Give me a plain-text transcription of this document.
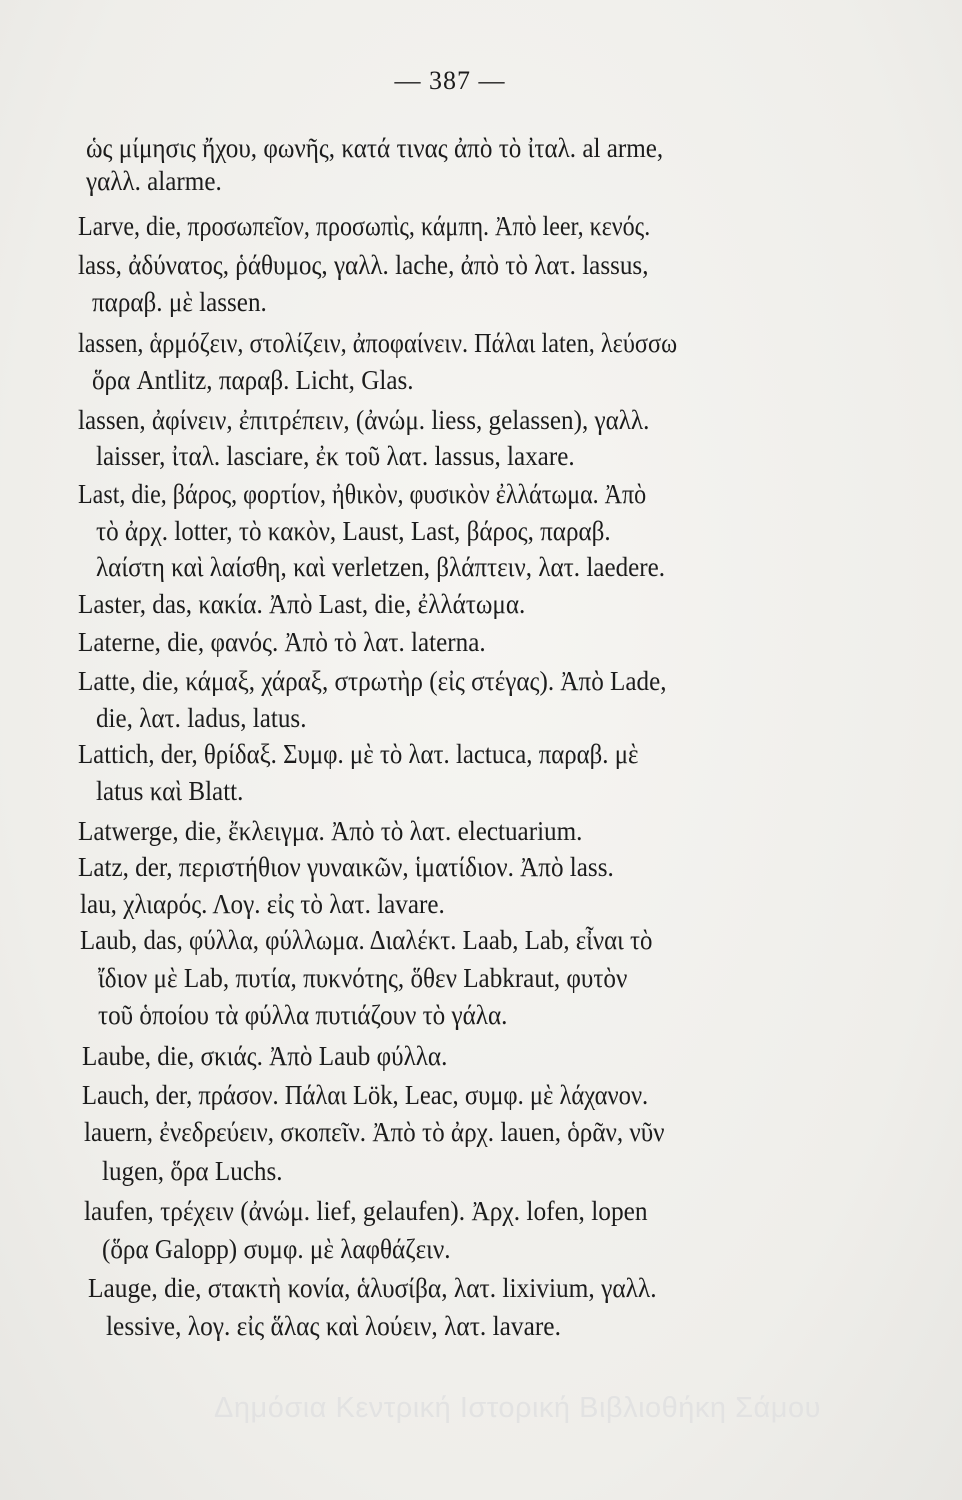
— 387 —
ὡς μίμησις ἤχου, φωνῆς, κατά τινας ἀπὸ τὸ ἰταλ. al arme,
γαλλ. alarme.
Larve, die, προσωπεῖον, προσωπὶς, κάμπη. Ἀπὸ leer, κενός.
lass, ἀδύνατος, ῥάθυμος, γαλλ. lache, ἀπὸ τὸ λατ. lassus,
παραβ. μὲ lassen.
lassen, ἁρμόζειν, στολίζειν, ἀποφαίνειν. Πάλαι laten, λεύσσω
ὅρα Antlitz, παραβ. Licht, Glas.
lassen, ἀφίνειν, ἐπιτρέπειν, (ἀνώμ. liess, gelassen), γαλλ.
laisser, ἰταλ. lasciare, ἐκ τοῦ λατ. lassus, laxare.
Last, die, βάρος, φορτίον, ἠθικὸν, φυσικὸν ἐλλάτωμα. Ἀπὸ
τὸ ἀρχ. lotter, τὸ κακὸν, Laust, Last, βάρος, παραβ.
λαίστη καὶ λαίσθη, καὶ verletzen, βλάπτειν, λατ. laedere.
Laster, das, κακία. Ἀπὸ Last, die, ἐλλάτωμα.
Laterne, die, φανός. Ἀπὸ τὸ λατ. laterna.
Latte, die, κάμαξ, χάραξ, στρωτὴρ (εἰς στέγας). Ἀπὸ Lade,
die, λατ. ladus, latus.
Lattich, der, θρίδαξ. Συμφ. μὲ τὸ λατ. lactuca, παραβ. μὲ
latus καὶ Blatt.
Latwerge, die, ἔκλειγμα. Ἀπὸ τὸ λατ. electuarium.
Latz, der, περιστήθιον γυναικῶν, ἱματίδιον. Ἀπὸ lass.
lau, χλιαρός. Λογ. εἰς τὸ λατ. lavare.
Laub, das, φύλλα, φύλλωμα. Διαλέκτ. Laab, Lab, εἶναι τὸ
ἴδιον μὲ Lab, πυτία, πυκνότης, ὅθεν Labkraut, φυτὸν
τοῦ ὁποίου τὰ φύλλα πυτιάζουν τὸ γάλα.
Laube, die, σκιάς. Ἀπὸ Laub φύλλα.
Lauch, der, πράσον. Πάλαι Lök, Leac, συμφ. μὲ λάχανον.
lauern, ἐνεδρεύειν, σκοπεῖν. Ἀπὸ τὸ ἀρχ. lauen, ὁρᾶν, νῦν
lugen, ὅρα Luchs.
laufen, τρέχειν (ἀνώμ. lief, gelaufen). Ἀρχ. lofen, lopen
(ὅρα Galopp) συμφ. μὲ λαφθάζειν.
Lauge, die, στακτὴ κονία, ἁλυσίβα, λατ. lixivium, γαλλ.
lessive, λογ. εἰς ἅλας καὶ λούειν, λατ. lavare.
Δημόσια Κεντρική Ιστορική Βιβλιοθήκη Σάμου
